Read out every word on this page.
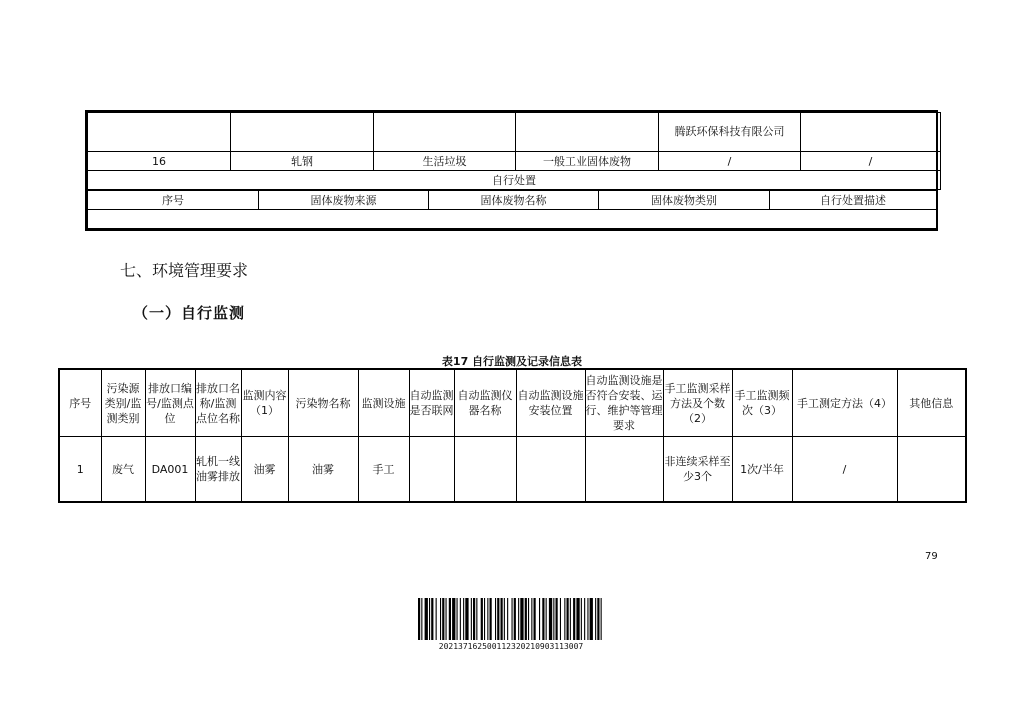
				腾跃环保科技有限公司	
16	轧钢	生活垃圾	一般工业固体废物	/	/
自行处置					
序号	固体废物来源	固体废物名称	固体废物类别	自行处置描述

七、环境管理要求
（一）自行监测
表17 自行监测及记录信息表
序号	污染源类别/监测类别	排放口编号/监测点位	排放口名称/监测点位名称	监测内容（1）	污染物名称	监测设施	自动监测是否联网	自动监测仪器名称	自动监测设施安装位置	自动监测设施是否符合安装、运行、维护等管理要求	手工监测采样方法及个数（2）	手工监测频次（3）	手工测定方法（4）	其他信息
1	废气	DA001	轧机一线油雾排放	油雾	油雾	手工					非连续采样至少3个	1次/半年	/	
79
20213716250011232021090311300​7
